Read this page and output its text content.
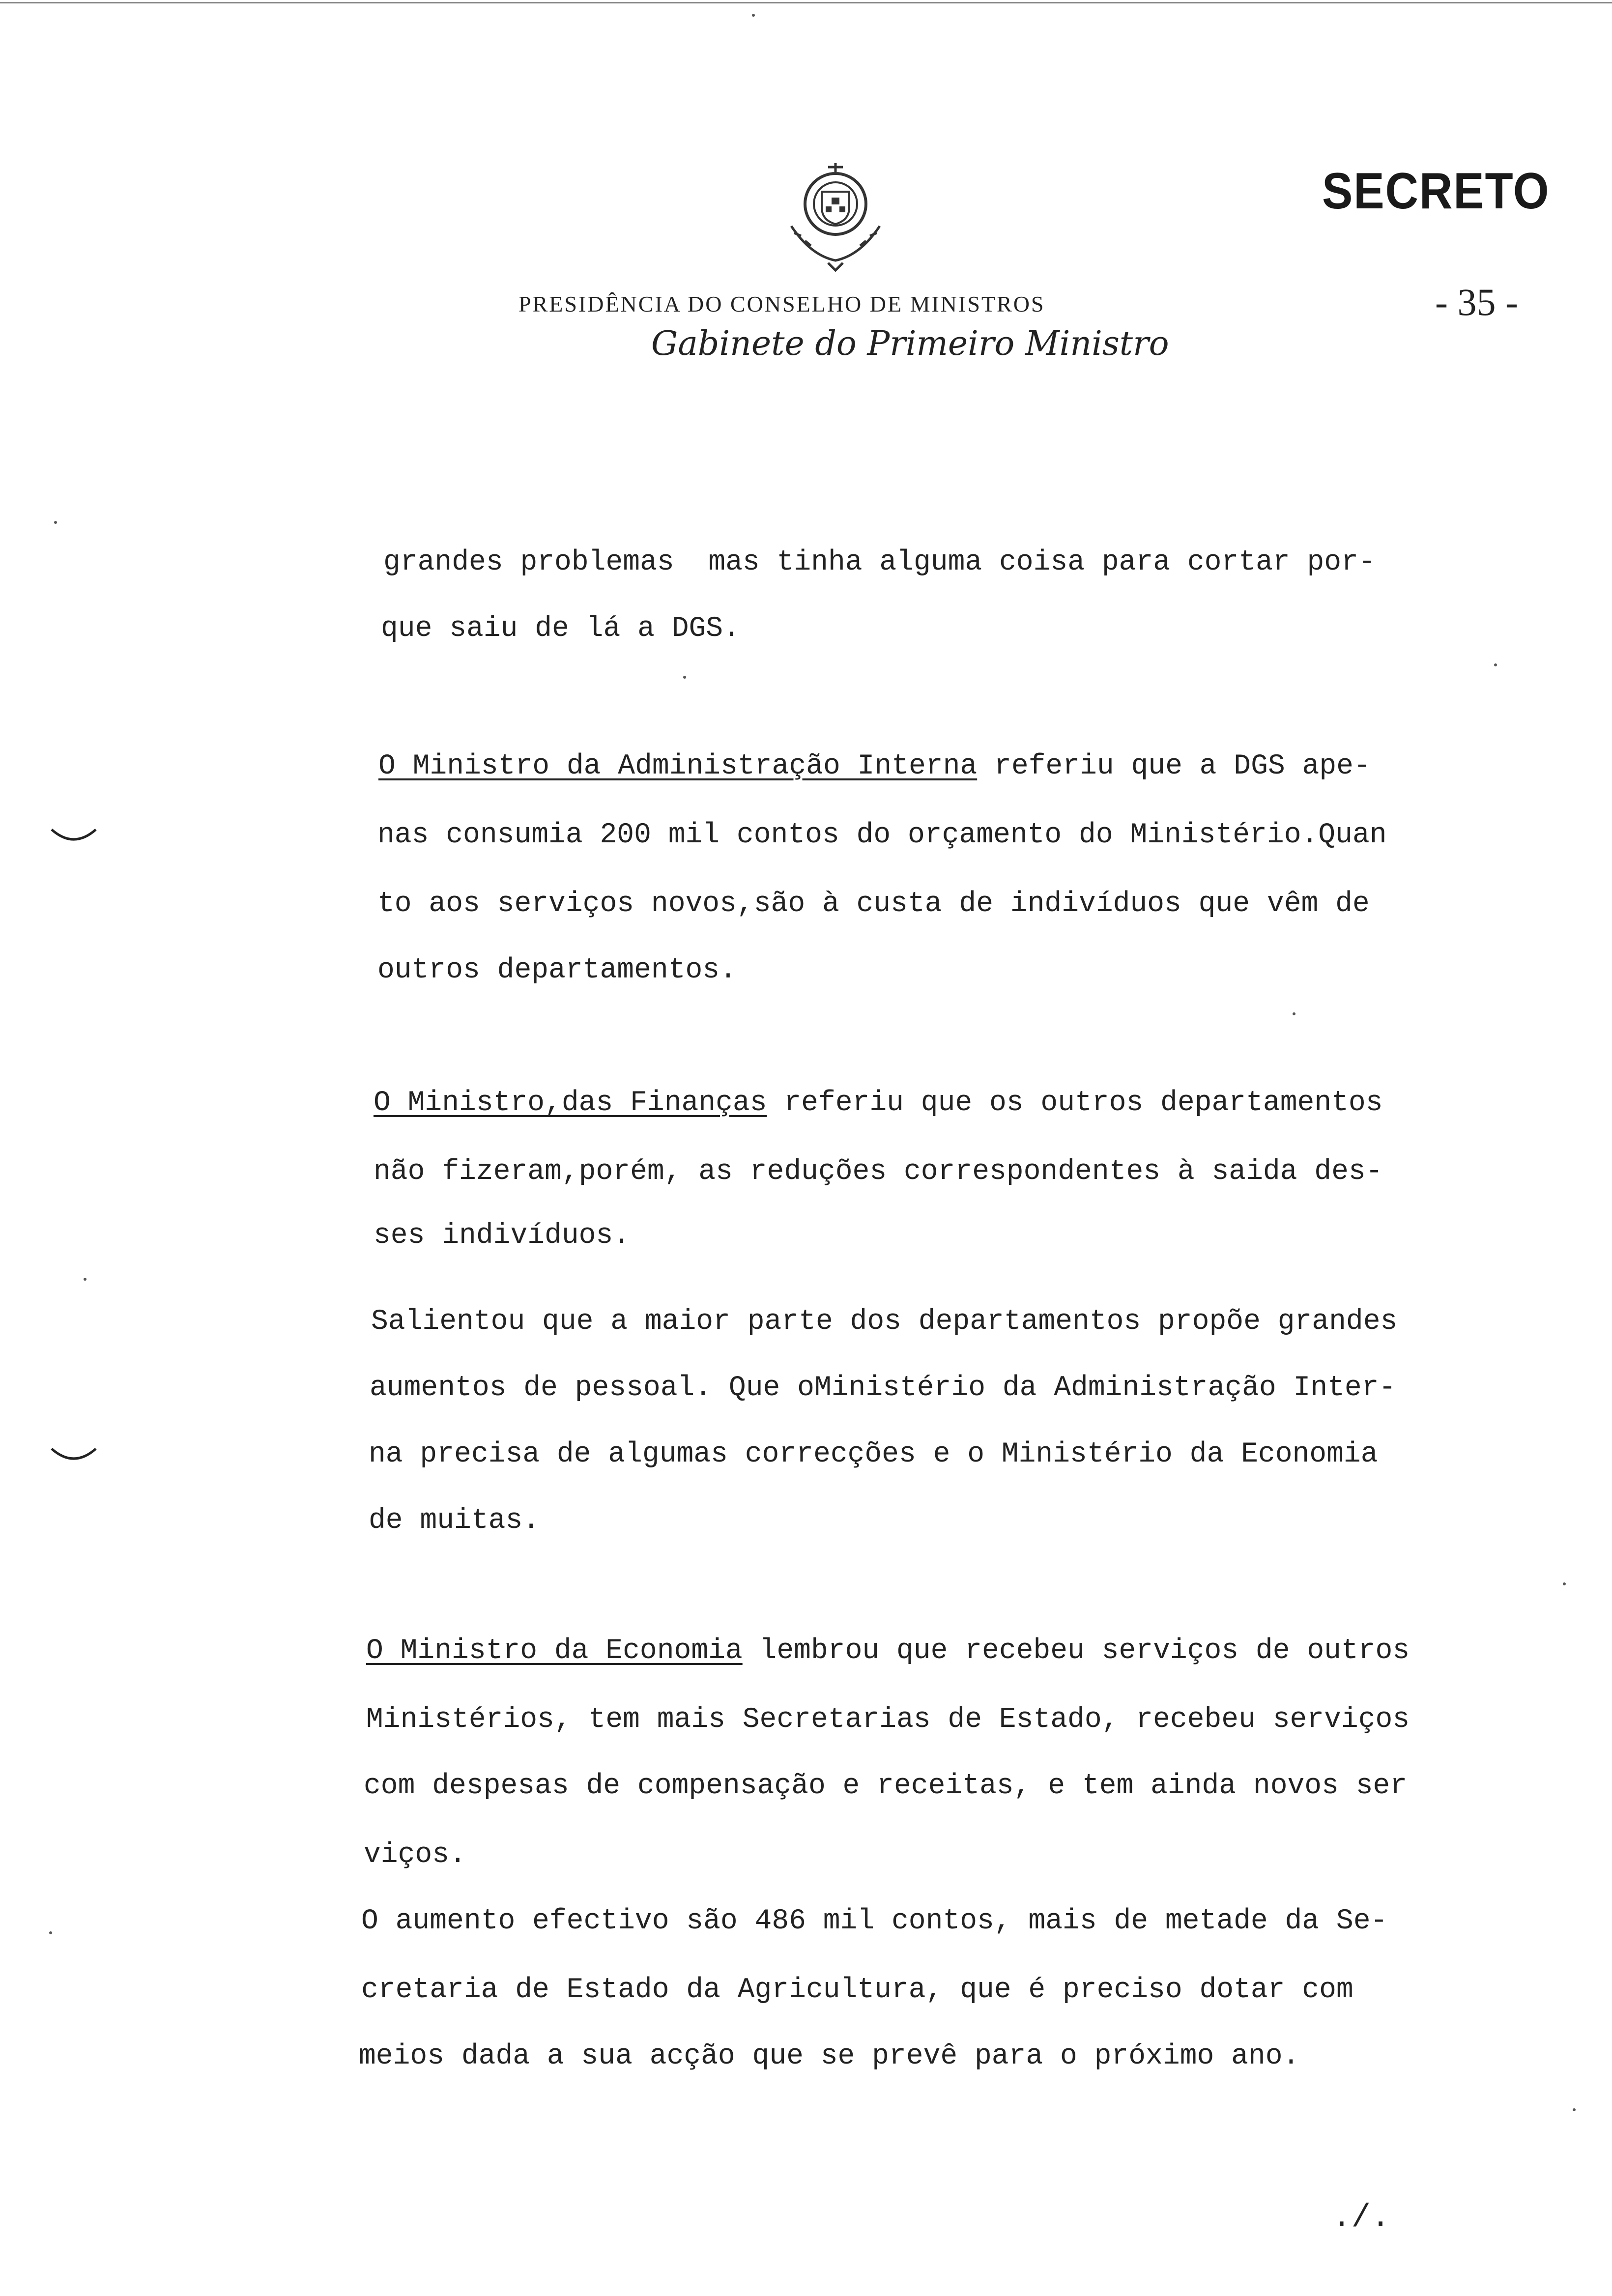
SECRETO
- 35 -
PRESIDÊNCIA DO CONSELHO DE MINISTROS
Gabinete do Primeiro Ministro
grandes problemas  mas tinha alguma coisa para cortar por-
que saiu de lá a DGS.
O Ministro da Administração Interna referiu que a DGS ape-
nas consumia 200 mil contos do orçamento do Ministério.Quan
to aos serviços novos,são à custa de indivíduos que vêm de
outros departamentos.
O Ministro,das Finanças referiu que os outros departamentos
não fizeram,porém, as reduções correspondentes à saida des-
ses indivíduos.
Salientou que a maior parte dos departamentos propõe grandes
aumentos de pessoal. Que oMinistério da Administração Inter-
na precisa de algumas correcções e o Ministério da Economia
de muitas.
O Ministro da Economia lembrou que recebeu serviços de outros
Ministérios, tem mais Secretarias de Estado, recebeu serviços
com despesas de compensação e receitas, e tem ainda novos ser
viços.
O aumento efectivo são 486 mil contos, mais de metade da Se-
cretaria de Estado da Agricultura, que é preciso dotar com
meios dada a sua acção que se prevê para o próximo ano.
./.
